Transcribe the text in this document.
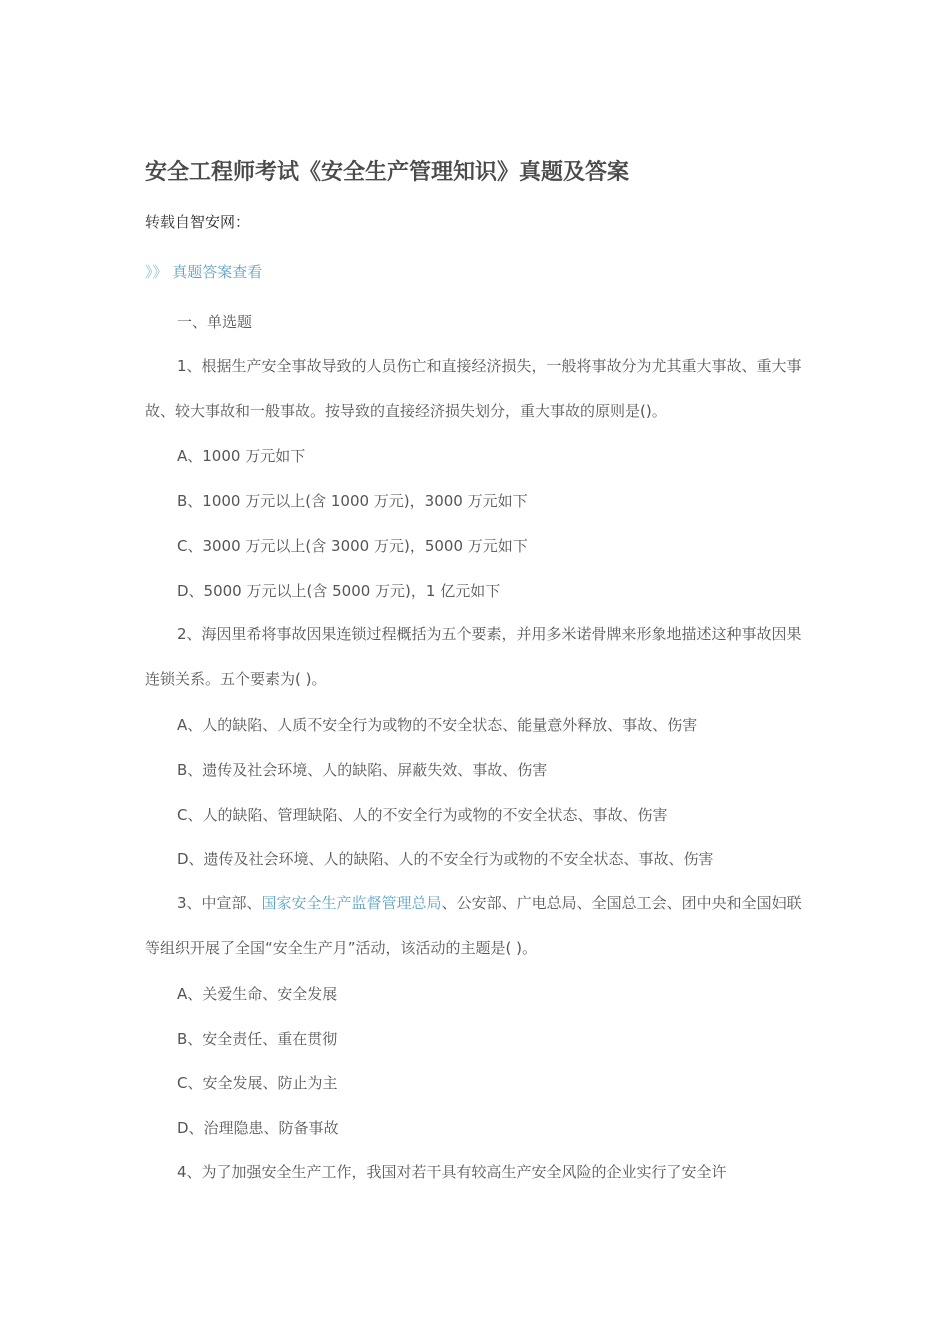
安全工程师考试《安全生产管理知识》真题及答案
转载自智安网：
》》 真题答案查看

一、单选题

1、根据生产安全事故导致的人员伤亡和直接经济损失，一般将事故分为尤其重大事故、重大事故、较大事故和一般事故。按导致的直接经济损失划分，重大事故的原则是()。

A、1000 万元如下

B、1000 万元以上(含 1000 万元)，3000 万元如下

C、3000 万元以上(含 3000 万元)，5000 万元如下

D、5000 万元以上(含 5000 万元)，1 亿元如下

2、海因里希将事故因果连锁过程概括为五个要素，并用多米诺骨牌来形象地描述这种事故因果连锁关系。五个要素为( )。

A、人的缺陷、人质不安全行为或物的不安全状态、能量意外释放、事故、伤害

B、遗传及社会环境、人的缺陷、屏蔽失效、事故、伤害

C、人的缺陷、管理缺陷、人的不安全行为或物的不安全状态、事故、伤害

D、遗传及社会环境、人的缺陷、人的不安全行为或物的不安全状态、事故、伤害

3、中宣部、国家安全生产监督管理总局、公安部、广电总局、全国总工会、团中央和全国妇联等组织开展了全国“安全生产月”活动，该活动的主题是( )。

A、关爱生命、安全发展

B、安全责任、重在贯彻

C、安全发展、防止为主

D、治理隐患、防备事故

4、为了加强安全生产工作，我国对若干具有较高生产安全风险的企业实行了安全许
